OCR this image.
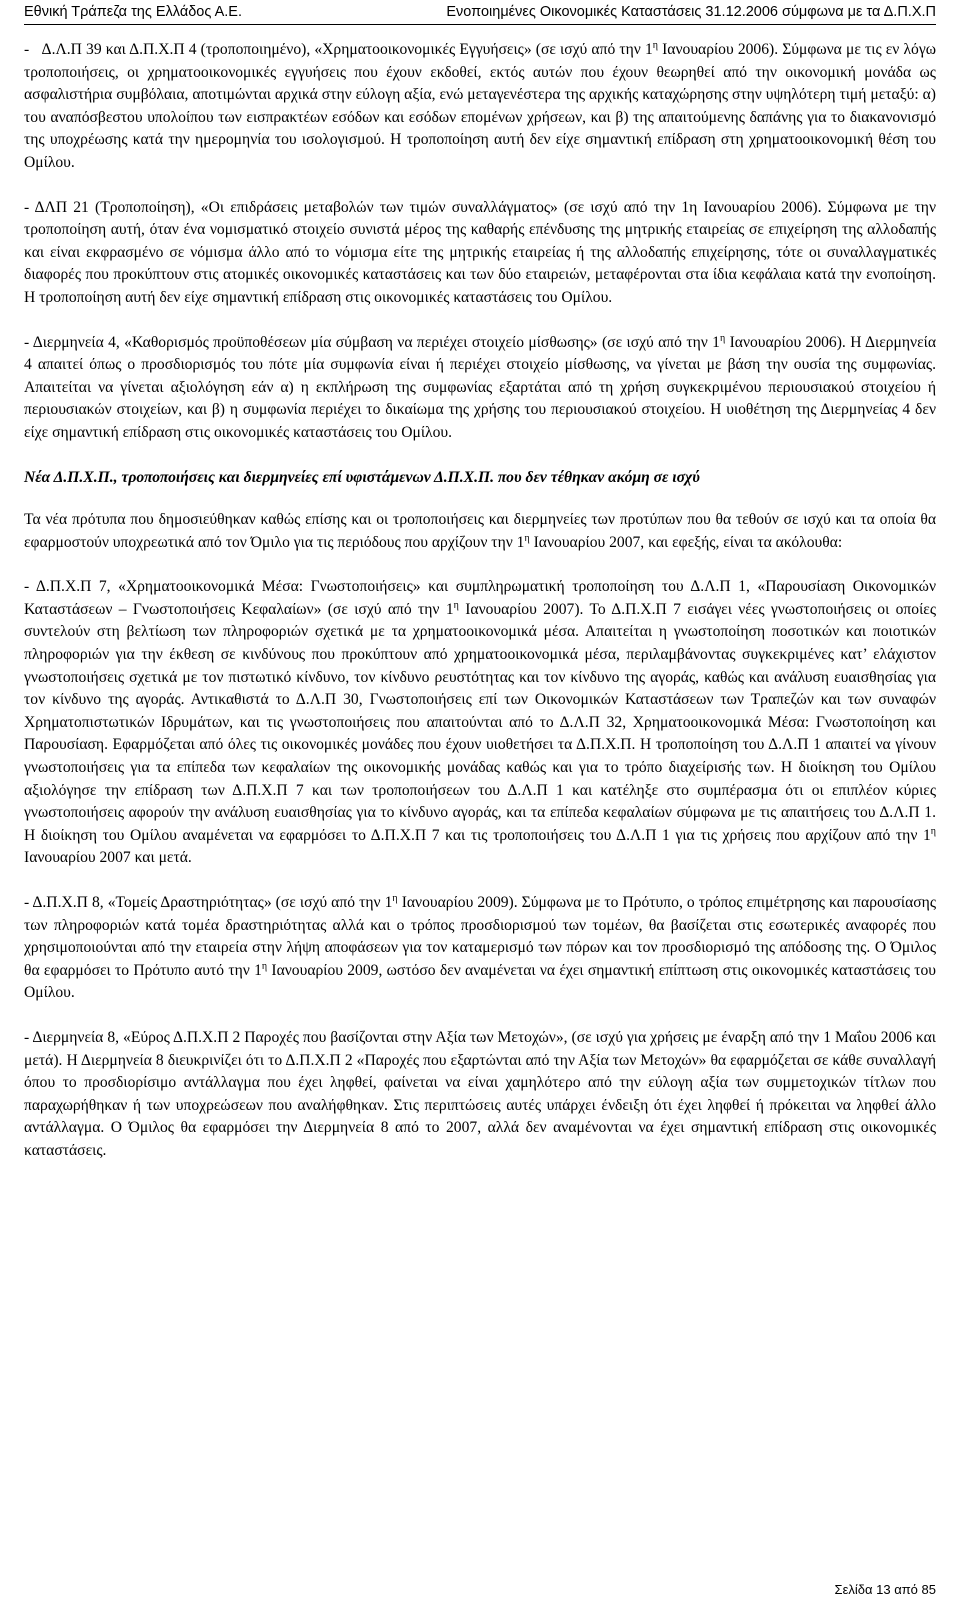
Εθνική Τράπεζα της Ελλάδος Α.Ε.	Ενοποιημένες Οικονομικές Καταστάσεις 31.12.2006 σύμφωνα με τα Δ.Π.Χ.Π

-   Δ.Λ.Π 39 και Δ.Π.Χ.Π 4 (τροποποιημένο), «Χρηματοοικονομικές Εγγυήσεις» (σε ισχύ από την $1^\eta$ Ιανουαρίου 2006). Σύμφωνα με τις εν λόγω τροποποιήσεις, οι χρηματοοικονομικές εγγυήσεις που έχουν εκδοθεί, εκτός αυτών που έχουν θεωρηθεί από την οικονομική μονάδα ως ασφαλιστήρια συμβόλαια, αποτιμώνται αρχικά στην εύλογη αξία, ενώ μεταγενέστερα της αρχικής καταχώρησης στην υψηλότερη τιμή μεταξύ: α) του αναπόσβεστου υπολοίπου των εισπρακτέων εσόδων και εσόδων επομένων χρήσεων, και β) της απαιτούμενης δαπάνης για το διακανονισμό της υποχρέωσης κατά την ημερομηνία του ισολογισμού. Η τροποποίηση αυτή δεν είχε σημαντική επίδραση στη χρηματοοικονομική θέση του Ομίλου.

- ΔΛΠ 21 (Τροποποίηση), «Οι επιδράσεις μεταβολών των τιμών συναλλάγματος» (σε ισχύ από την 1η Ιανουαρίου 2006). Σύμφωνα με την τροποποίηση αυτή, όταν ένα νομισματικό στοιχείο συνιστά μέρος της καθαρής επένδυσης της μητρικής εταιρείας σε επιχείρηση της αλλοδαπής και είναι εκφρασμένο σε νόμισμα άλλο από το νόμισμα είτε της μητρικής εταιρείας ή της αλλοδαπής επιχείρησης, τότε οι συναλλαγματικές διαφορές που προκύπτουν στις ατομικές οικονομικές καταστάσεις και των δύο εταιρειών, μεταφέρονται στα ίδια κεφάλαια κατά την ενοποίηση. Η τροποποίηση αυτή δεν είχε σημαντική επίδραση στις οικονομικές καταστάσεις του Ομίλου.

- Διερμηνεία 4, «Καθορισμός προϋποθέσεων μία σύμβαση να περιέχει στοιχείο μίσθωσης» (σε ισχύ από την $1^\eta$ Ιανουαρίου 2006). Η Διερμηνεία 4 απαιτεί όπως ο προσδιορισμός του πότε μία συμφωνία είναι ή περιέχει στοιχείο μίσθωσης, να γίνεται με βάση την ουσία της συμφωνίας. Απαιτείται να γίνεται αξιολόγηση εάν α) η εκπλήρωση της συμφωνίας εξαρτάται από τη χρήση συγκεκριμένου περιουσιακού στοιχείου ή περιουσιακών στοιχείων, και β) η συμφωνία περιέχει το δικαίωμα της χρήσης του περιουσιακού στοιχείου. Η υιοθέτηση της Διερμηνείας 4 δεν είχε σημαντική επίδραση στις οικονομικές καταστάσεις του Ομίλου.

Νέα Δ.Π.Χ.Π., τροποποιήσεις και διερμηνείες επί υφιστάμενων Δ.Π.Χ.Π. που δεν τέθηκαν ακόμη σε ισχύ

Τα νέα πρότυπα που δημοσιεύθηκαν καθώς επίσης και οι τροποποιήσεις και διερμηνείες των προτύπων που θα τεθούν σε ισχύ και τα οποία θα εφαρμοστούν υποχρεωτικά από τον Όμιλο για τις περιόδους που αρχίζουν την $1^\eta$ Ιανουαρίου 2007, και εφεξής, είναι τα ακόλουθα:

- Δ.Π.Χ.Π 7, «Χρηματοοικονομικά Μέσα: Γνωστοποιήσεις» και συμπληρωματική τροποποίηση του Δ.Λ.Π 1, «Παρουσίαση Οικονομικών Καταστάσεων – Γνωστοποιήσεις Κεφαλαίων» (σε ισχύ από την $1^\eta$ Ιανουαρίου 2007). Το Δ.Π.Χ.Π 7 εισάγει νέες γνωστοποιήσεις οι οποίες συντελούν στη βελτίωση των πληροφοριών σχετικά με τα χρηματοοικονομικά μέσα. Απαιτείται η γνωστοποίηση ποσοτικών και ποιοτικών πληροφοριών για την έκθεση σε κινδύνους που προκύπτουν από χρηματοοικονομικά μέσα, περιλαμβάνοντας συγκεκριμένες κατ’ ελάχιστον γνωστοποιήσεις σχετικά με τον πιστωτικό κίνδυνο, τον κίνδυνο ρευστότητας και τον κίνδυνο της αγοράς, καθώς και ανάλυση ευαισθησίας για τον κίνδυνο της αγοράς. Αντικαθιστά το Δ.Λ.Π 30, Γνωστοποιήσεις επί των Οικονομικών Καταστάσεων των Τραπεζών και των συναφών Χρηματοπιστωτικών Ιδρυμάτων, και τις γνωστοποιήσεις που απαιτούνται από το Δ.Λ.Π 32, Χρηματοοικονομικά Μέσα: Γνωστοποίηση και Παρουσίαση. Εφαρμόζεται από όλες τις οικονομικές μονάδες που έχουν υιοθετήσει τα Δ.Π.Χ.Π. Η τροποποίηση του Δ.Λ.Π 1 απαιτεί να γίνουν γνωστοποιήσεις για τα επίπεδα των κεφαλαίων της οικονομικής μονάδας καθώς και για το τρόπο διαχείρισής των. Η διοίκηση του Ομίλου αξιολόγησε την επίδραση των Δ.Π.Χ.Π 7 και των τροποποιήσεων του Δ.Λ.Π 1 και κατέληξε στο συμπέρασμα ότι οι επιπλέον κύριες γνωστοποιήσεις αφορούν την ανάλυση ευαισθησίας για το κίνδυνο αγοράς, και τα επίπεδα κεφαλαίων σύμφωνα με τις απαιτήσεις του Δ.Λ.Π 1. Η διοίκηση του Ομίλου αναμένεται να εφαρμόσει το Δ.Π.Χ.Π 7 και τις τροποποιήσεις του Δ.Λ.Π 1 για τις χρήσεις που αρχίζουν από την $1^\eta$ Ιανουαρίου 2007 και μετά.

- Δ.Π.Χ.Π 8, «Τομείς Δραστηριότητας» (σε ισχύ από την $1^\eta$ Ιανουαρίου 2009). Σύμφωνα με το Πρότυπο, ο τρόπος επιμέτρησης και παρουσίασης των πληροφοριών κατά τομέα δραστηριότητας αλλά και ο τρόπος προσδιορισμού των τομέων, θα βασίζεται στις εσωτερικές αναφορές που χρησιμοποιούνται από την εταιρεία στην λήψη αποφάσεων για τον καταμερισμό των πόρων και τον προσδιορισμό της απόδοσης της. Ο Όμιλος θα εφαρμόσει το Πρότυπο αυτό την $1^\eta$ Ιανουαρίου 2009, ωστόσο δεν αναμένεται να έχει σημαντική επίπτωση στις οικονομικές καταστάσεις του Ομίλου.

- Διερμηνεία 8, «Εύρος Δ.Π.Χ.Π 2 Παροχές που βασίζονται στην Αξία των Μετοχών», (σε ισχύ για χρήσεις με έναρξη από την 1 Μαΐου 2006 και μετά). Η Διερμηνεία 8 διευκρινίζει ότι το Δ.Π.Χ.Π 2 «Παροχές που εξαρτώνται από την Αξία των Μετοχών» θα εφαρμόζεται σε κάθε συναλλαγή όπου το προσδιορίσιμο αντάλλαγμα που έχει ληφθεί, φαίνεται να είναι χαμηλότερο από την εύλογη αξία των συμμετοχικών τίτλων που παραχωρήθηκαν ή των υποχρεώσεων που αναλήφθηκαν. Στις περιπτώσεις αυτές υπάρχει ένδειξη ότι έχει ληφθεί ή πρόκειται να ληφθεί άλλο αντάλλαγμα. Ο Όμιλος θα εφαρμόσει την Διερμηνεία 8 από το 2007, αλλά δεν αναμένονται να έχει σημαντική επίδραση στις οικονομικές καταστάσεις.

Σελίδα 13 από 85
